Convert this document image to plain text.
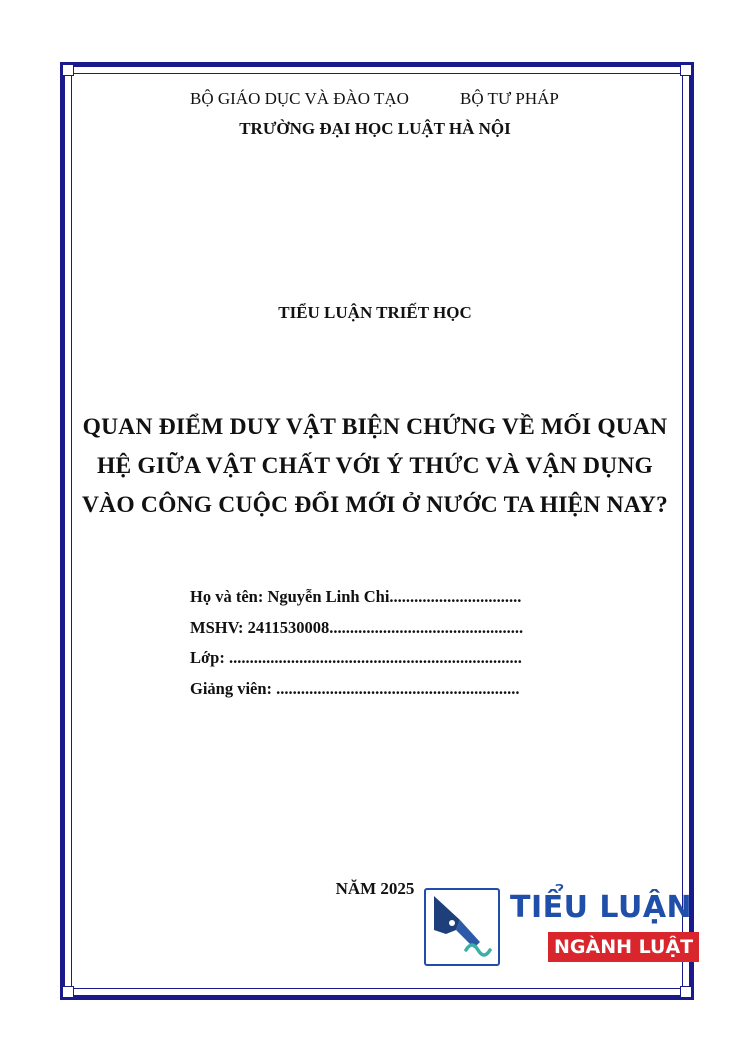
BỘ GIÁO DỤC VÀ ĐÀO TẠO	BỘ TƯ PHÁP
TRƯỜNG ĐẠI HỌC LUẬT HÀ NỘI
TIỂU LUẬN TRIẾT HỌC
QUAN ĐIỂM DUY VẬT BIỆN CHỨNG VỀ MỐI QUAN
HỆ GIỮA VẬT CHẤT VỚI Ý THỨC VÀ VẬN DỤNG
VÀO CÔNG CUỘC ĐỔI MỚI Ở NƯỚC TA HIỆN NAY?
Họ và tên: Nguyễn Linh Chi................................
MSHV: 2411530008...............................................
Lớp: .......................................................................
Giảng viên: ...........................................................
NĂM 2025
TIỂU LUẬN
NGÀNH LUẬT
